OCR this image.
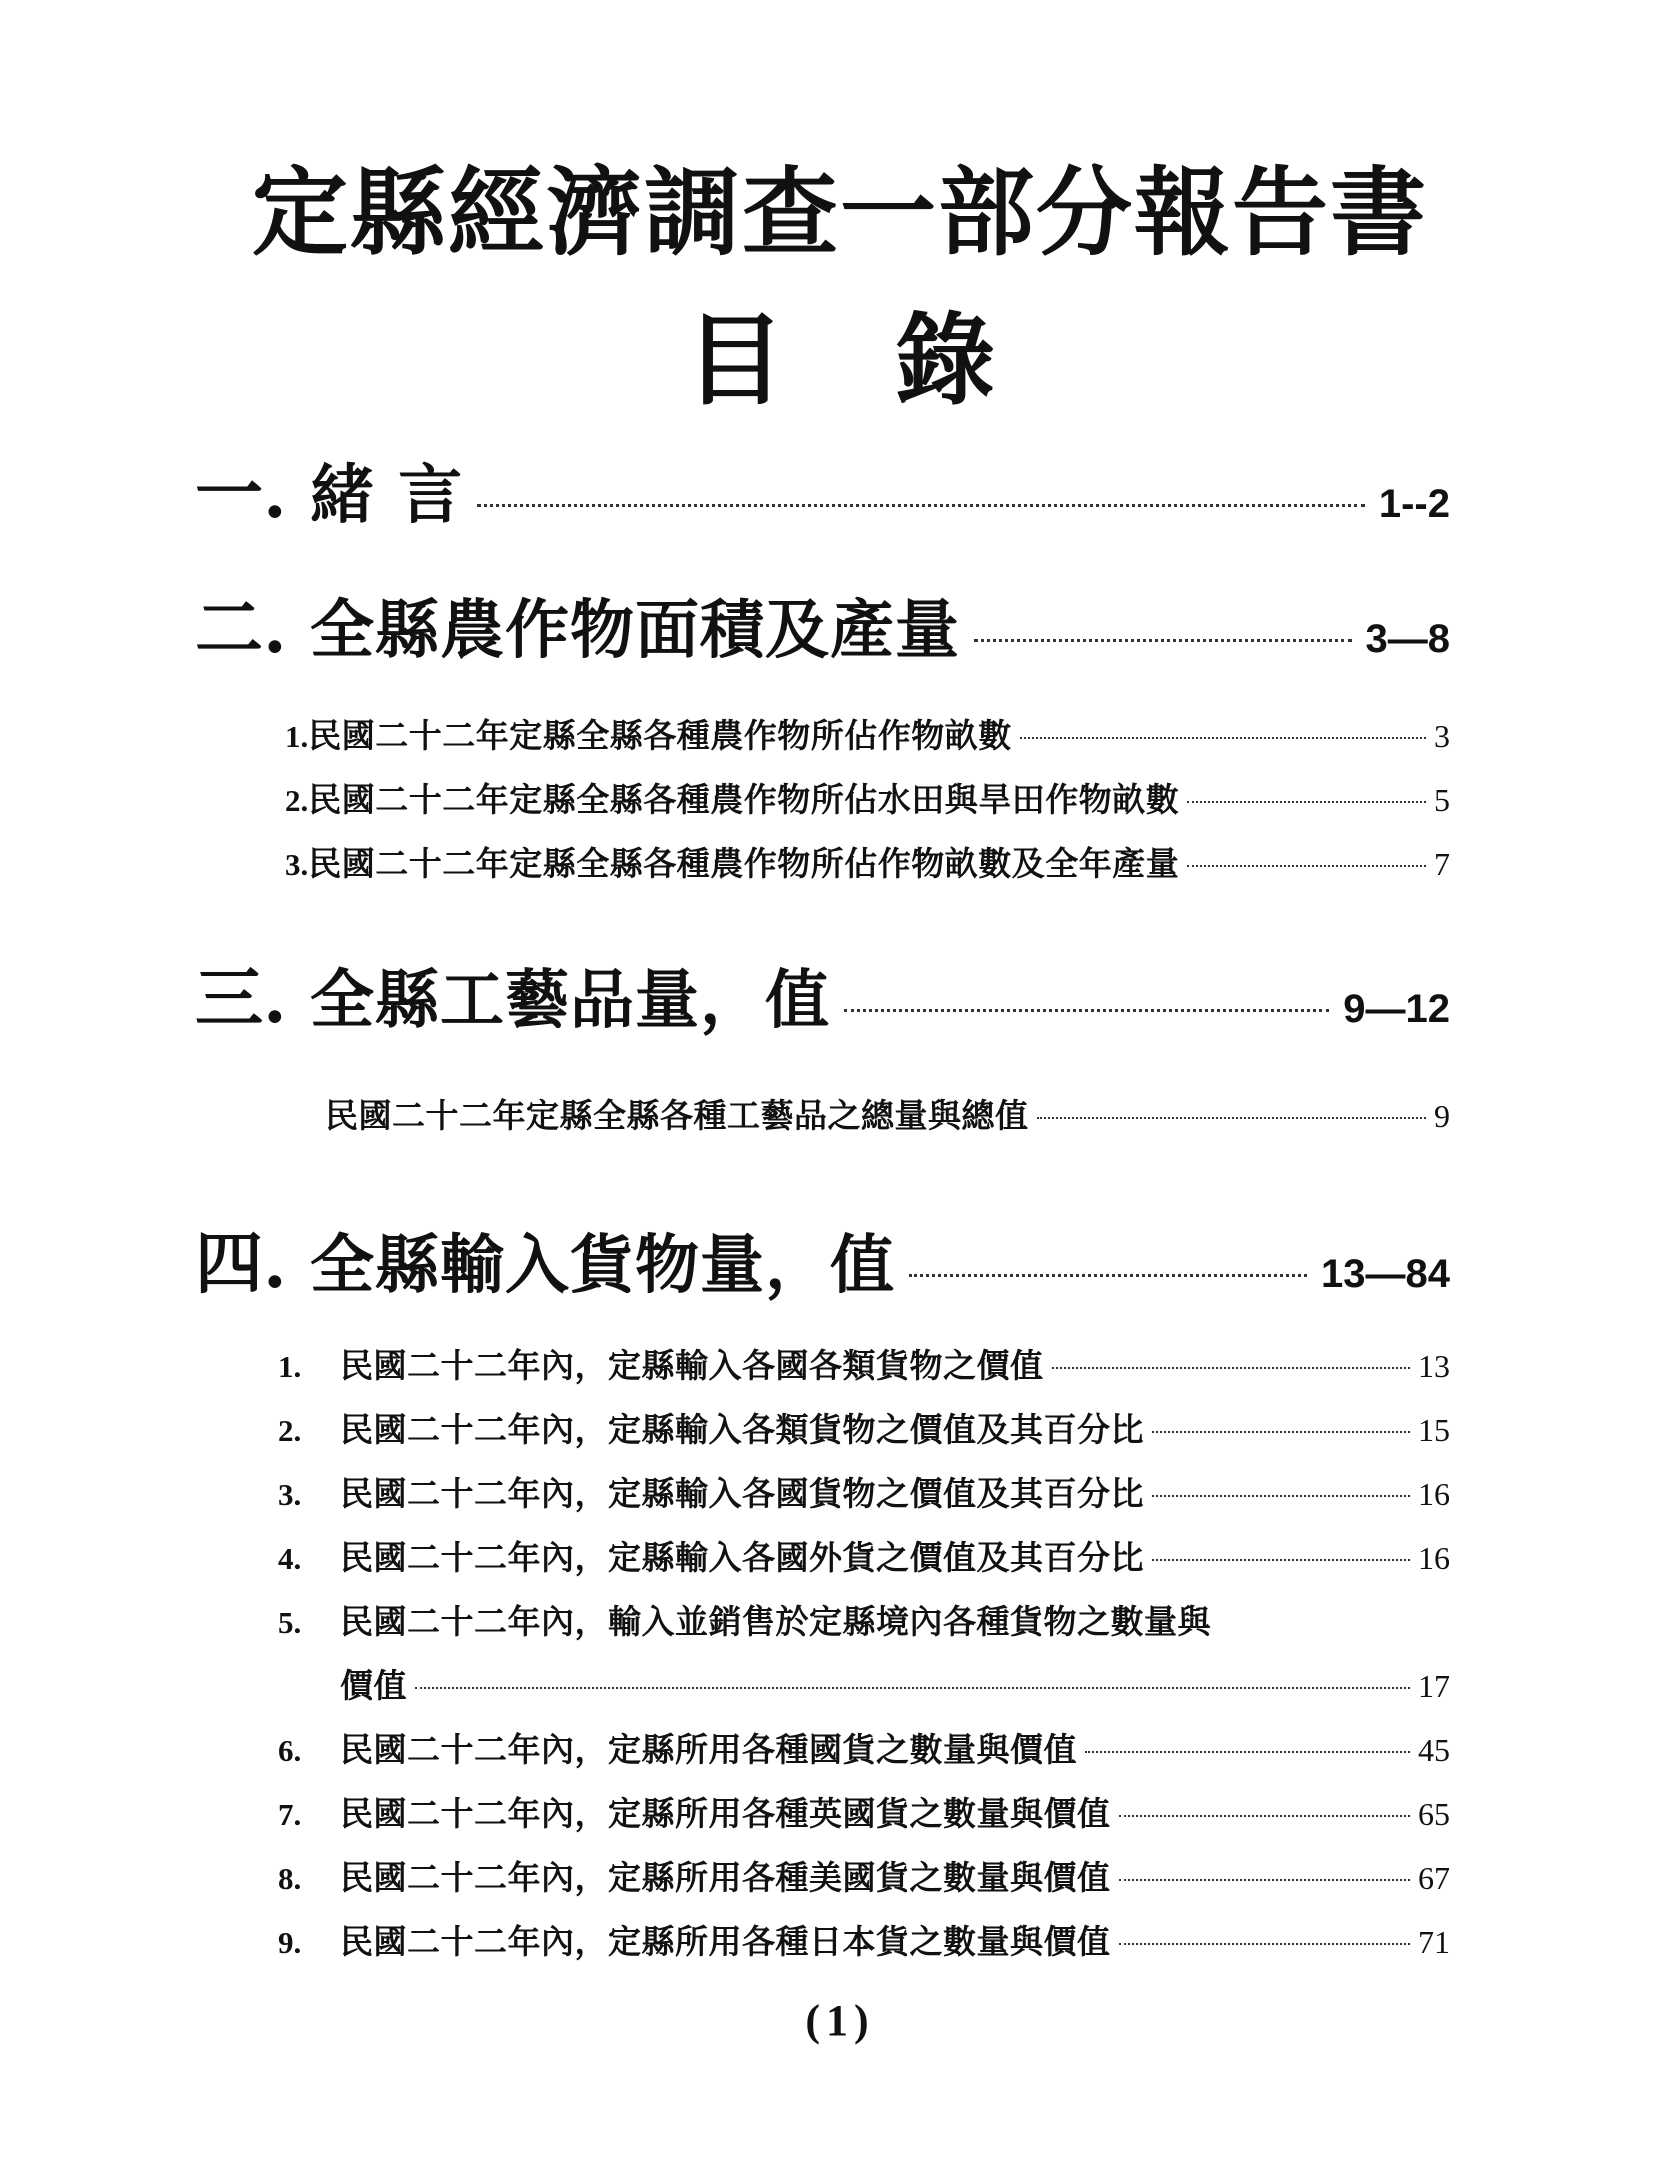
定縣經濟調查一部分報告書
目錄
一. 緒 言	1--2
二. 全縣農作物面積及產量	3—8
1. 民國二十二年定縣全縣各種農作物所佔作物畝數	3
2. 民國二十二年定縣全縣各種農作物所佔水田與旱田作物畝數	5
3. 民國二十二年定縣全縣各種農作物所佔作物畝數及全年產量	7
三. 全縣工藝品量，值	9—12
民國二十二年定縣全縣各種工藝品之總量與總值	9
四. 全縣輸入貨物量，值	13—84
1.	民國二十二年內，定縣輸入各國各類貨物之價值	13
2.	民國二十二年內，定縣輸入各類貨物之價值及其百分比	15
3.	民國二十二年內，定縣輸入各國貨物之價值及其百分比	16
4.	民國二十二年內，定縣輸入各國外貨之價值及其百分比	16
5.	民國二十二年內，輸入並銷售於定縣境內各種貨物之數量與
價值	17
6.	民國二十二年內，定縣所用各種國貨之數量與價值	45
7.	民國二十二年內，定縣所用各種英國貨之數量與價值	65
8.	民國二十二年內，定縣所用各種美國貨之數量與價值	67
9.	民國二十二年內，定縣所用各種日本貨之數量與價值	71
(1)
